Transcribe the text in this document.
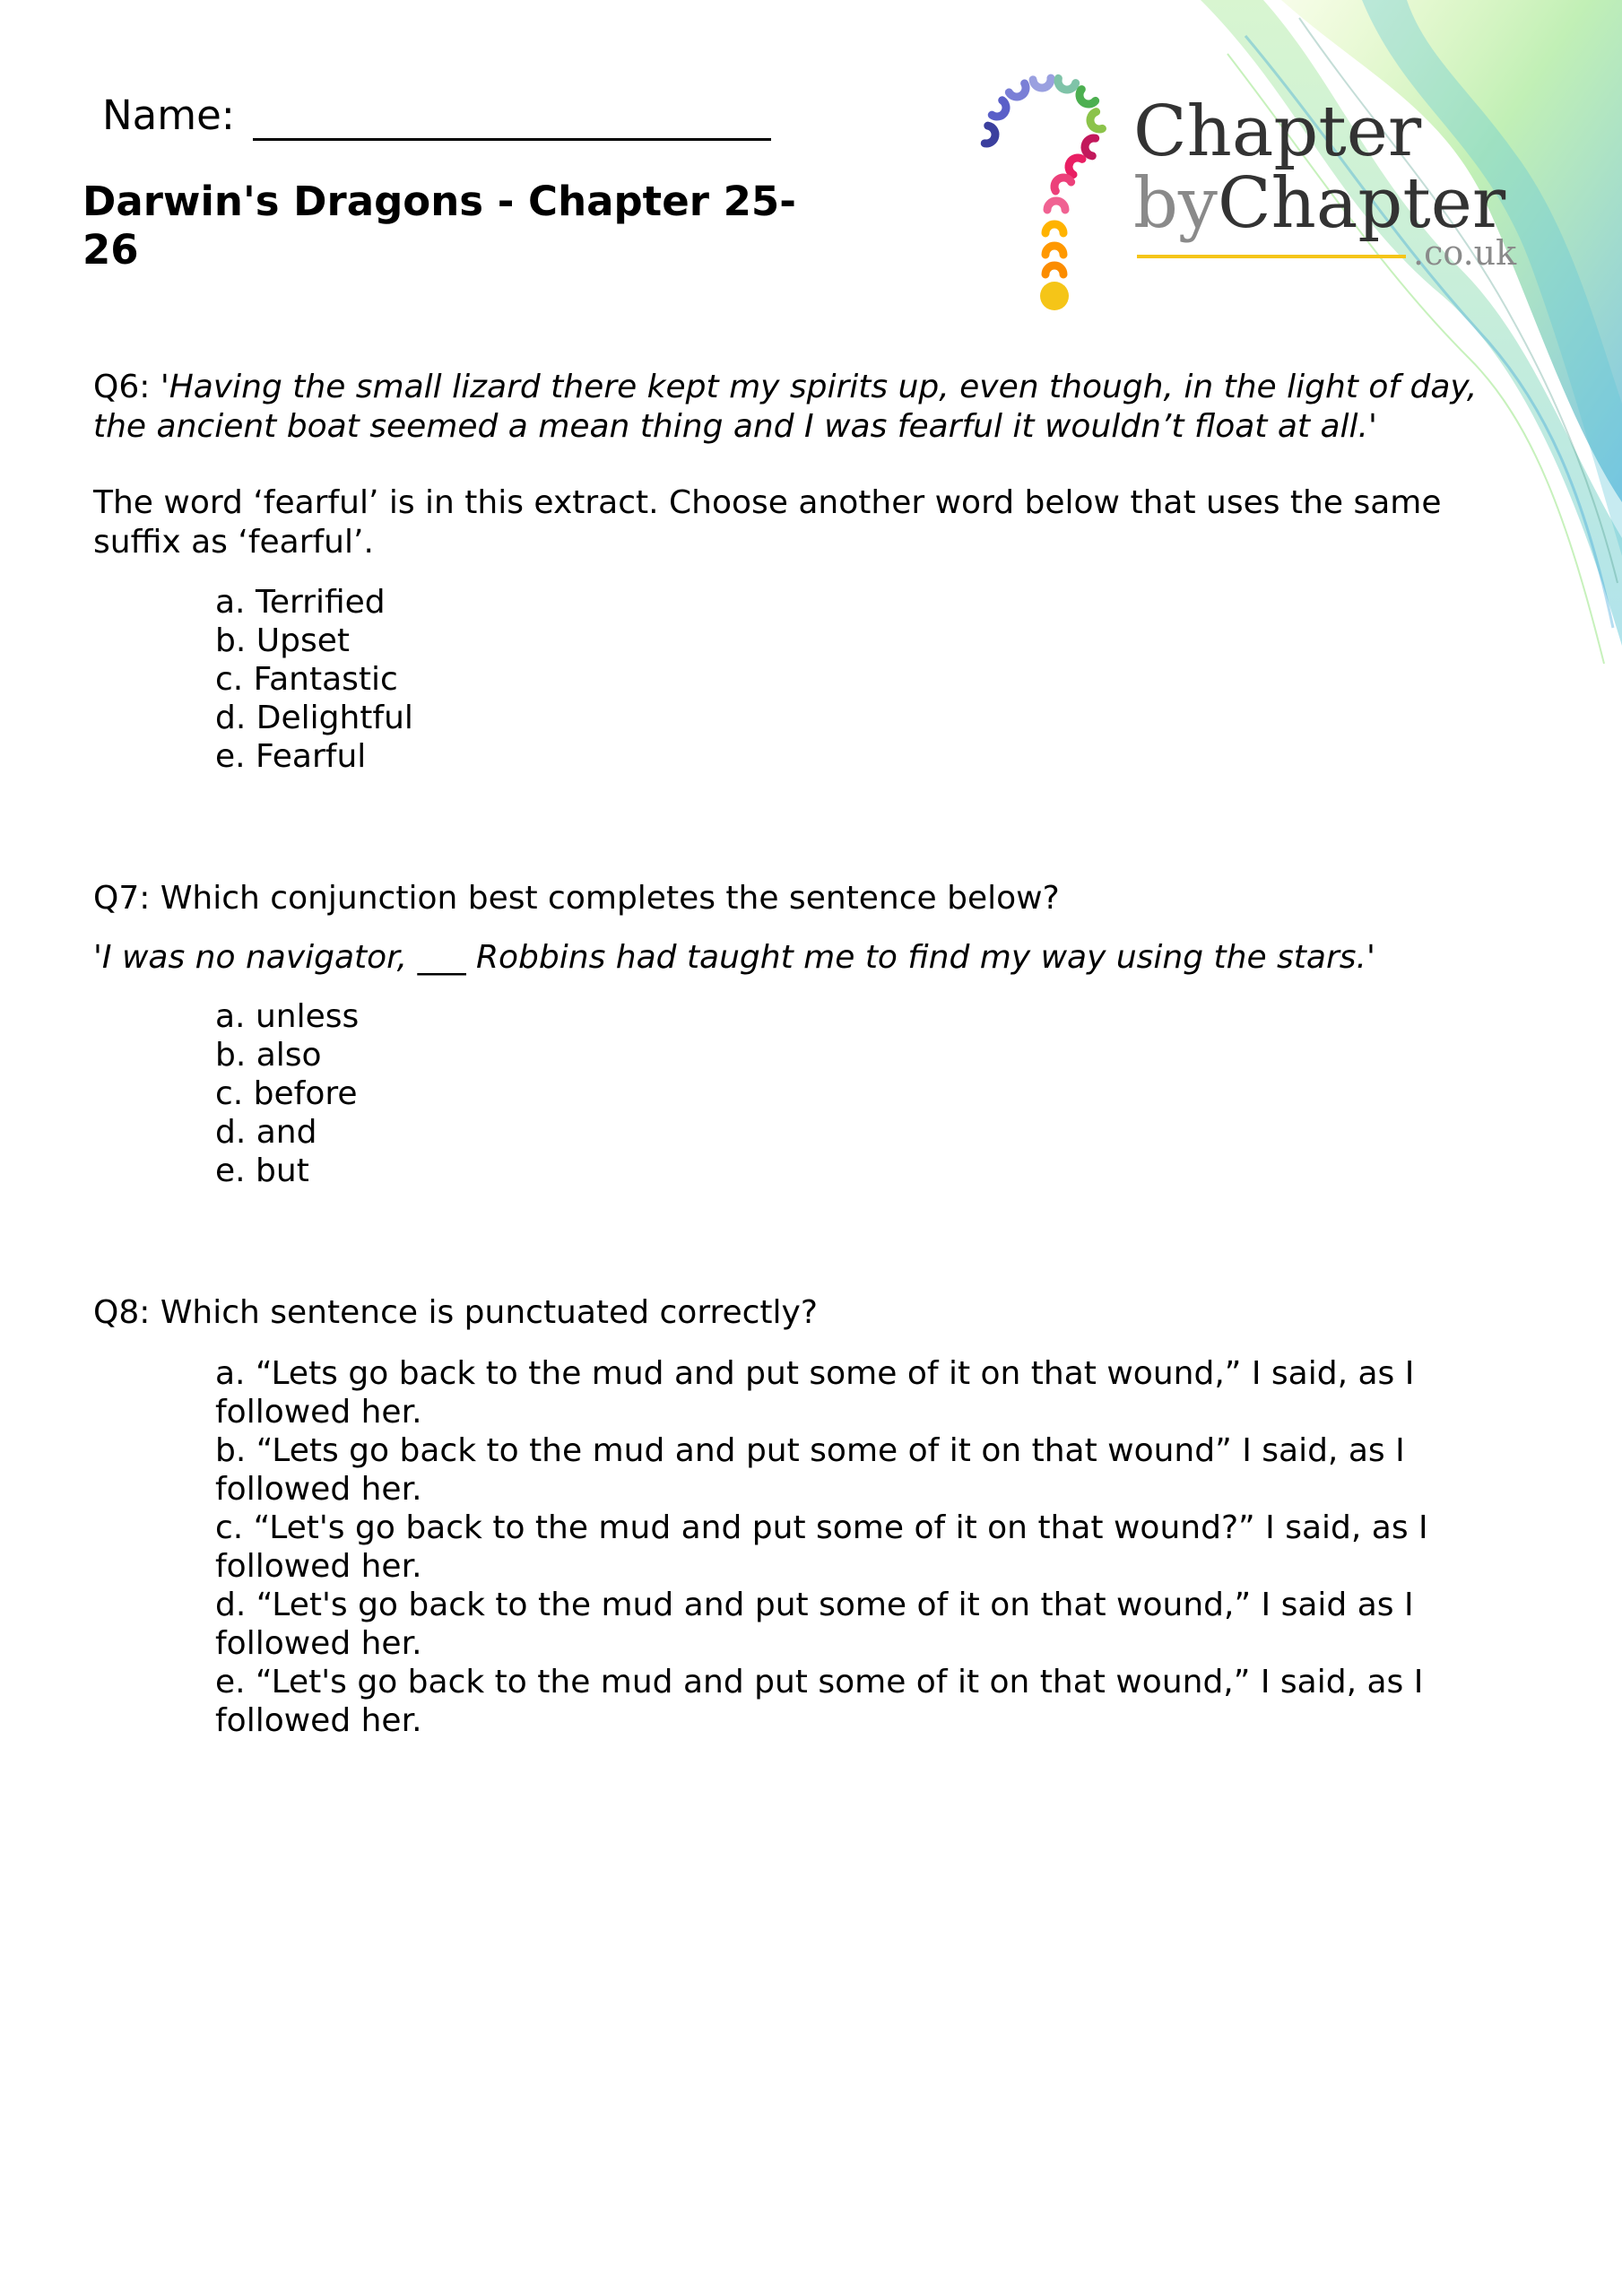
Name:
Darwin's Dragons - Chapter 25-26
Chapter
byChapter
.co.uk

Q6: 'Having the small lizard there kept my spirits up, even though, in the light of day, the ancient boat seemed a mean thing and I was fearful it wouldn’t float at all.'

The word ‘fearful’ is in this extract. Choose another word below that uses the same suffix as ‘fearful’.

a. Terrified
b. Upset
c. Fantastic
d. Delightful
e. Fearful

Q7: Which conjunction best completes the sentence below?

'I was no navigator, ___ Robbins had taught me to find my way using the stars.'

a. unless
b. also
c. before
d. and
e. but

Q8: Which sentence is punctuated correctly?

a. “Lets go back to the mud and put some of it on that wound,” I said, as I followed her.
b. “Lets go back to the mud and put some of it on that wound” I said, as I followed her.
c. “Let's go back to the mud and put some of it on that wound?” I said, as I followed her.
d. “Let's go back to the mud and put some of it on that wound,” I said as I followed her.
e. “Let's go back to the mud and put some of it on that wound,” I said, as I followed her.
